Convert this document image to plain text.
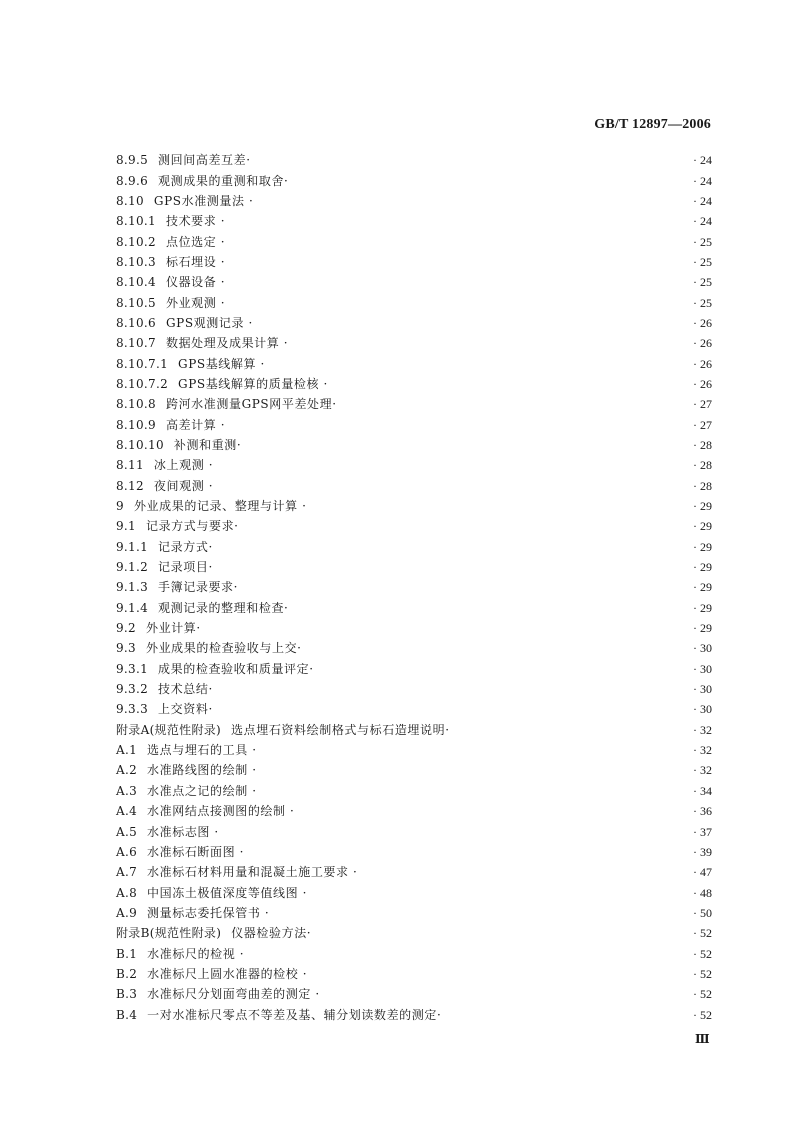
GB/T 12897—2006
8.9.5 测回间高差互差·	· 24
8.9.6 观测成果的重测和取舍·	· 24
8.10 GPS水准测量法 ·	· 24
8.10.1 技术要求 ·	· 24
8.10.2 点位选定 ·	· 25
8.10.3 标石埋设 ·	· 25
8.10.4 仪器设备 ·	· 25
8.10.5 外业观测 ·	· 25
8.10.6 GPS观测记录 ·	· 26
8.10.7 数据处理及成果计算 ·	· 26
8.10.7.1 GPS基线解算 ·	· 26
8.10.7.2 GPS基线解算的质量检核 ·	· 26
8.10.8 跨河水准测量GPS网平差处理·	· 27
8.10.9 高差计算 ·	· 27
8.10.10 补测和重测·	· 28
8.11 冰上观测 ·	· 28
8.12 夜间观测 ·	· 28
9 外业成果的记录、整理与计算 ·	· 29
9.1 记录方式与要求·	· 29
9.1.1 记录方式·	· 29
9.1.2 记录项目·	· 29
9.1.3 手簿记录要求·	· 29
9.1.4 观测记录的整理和检查·	· 29
9.2 外业计算·	· 29
9.3 外业成果的检查验收与上交·	· 30
9.3.1 成果的检查验收和质量评定·	· 30
9.3.2 技术总结·	· 30
9.3.3 上交资料·	· 30
附录A(规范性附录) 选点埋石资料绘制格式与标石造埋说明·	· 32
A.1 选点与埋石的工具 ·	· 32
A.2 水准路线图的绘制 ·	· 32
A.3 水准点之记的绘制 ·	· 34
A.4 水准网结点接测图的绘制 ·	· 36
A.5 水准标志图 ·	· 37
A.6 水准标石断面图 ·	· 39
A.7 水准标石材料用量和混凝土施工要求 ·	· 47
A.8 中国冻土极值深度等值线图 ·	· 48
A.9 测量标志委托保管书 ·	· 50
附录B(规范性附录) 仪器检验方法·	· 52
B.1 水准标尺的检视 ·	· 52
B.2 水准标尺上圆水准器的检校 ·	· 52
B.3 水准标尺分划面弯曲差的测定 ·	· 52
B.4 一对水准标尺零点不等差及基、辅分划读数差的测定·	· 52
Ⅲ
